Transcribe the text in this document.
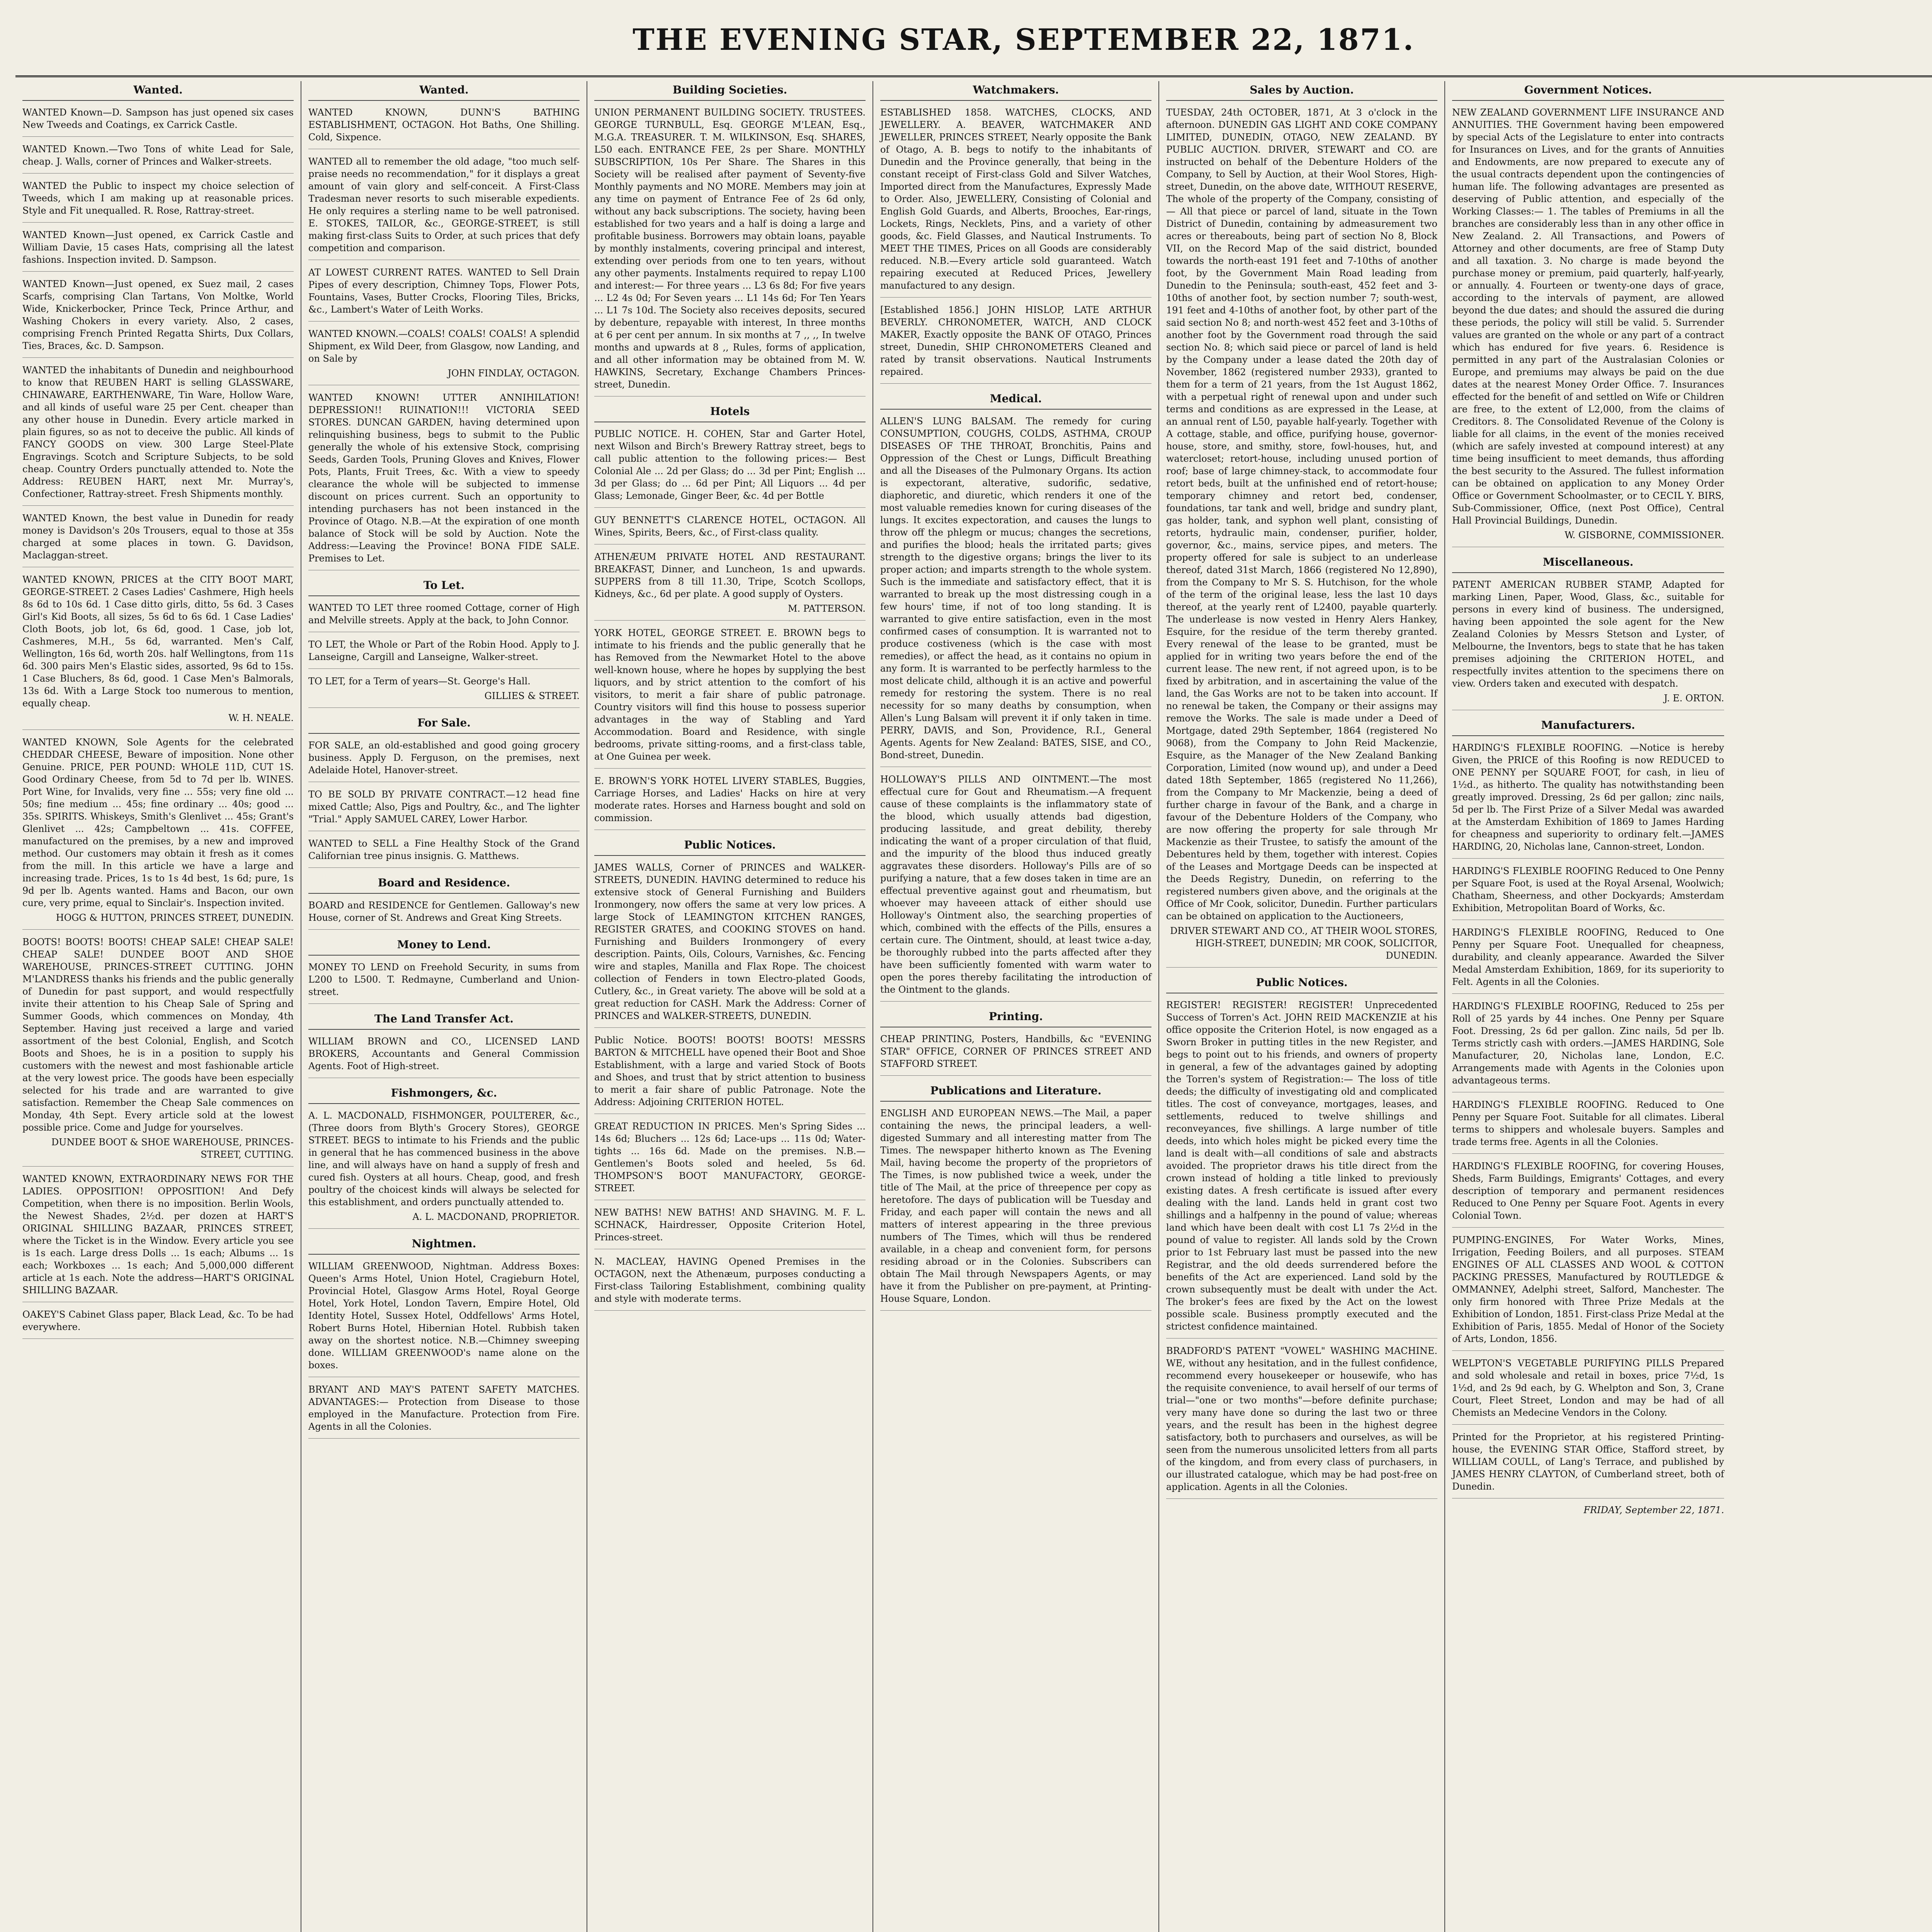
THE EVENING STAR, SEPTEMBER 22, 1871.
Wanted.
WANTED Known—D. Sampson has just opened six cases New Tweeds and Coatings, ex Carrick Castle.
WANTED Known.—Two Tons of white Lead for Sale, cheap. J. Walls, corner of Princes and Walker-streets.
WANTED the Public to inspect my choice selection of Tweeds, which I am making up at reasonable prices. Style and Fit unequalled. R. Rose, Rattray-street.
WANTED Known—Just opened, ex Carrick Castle and William Davie, 15 cases Hats, comprising all the latest fashions. Inspection invited. D. Sampson.
WANTED Known—Just opened, ex Suez mail, 2 cases Scarfs, comprising Clan Tartans, Von Moltke, World Wide, Knickerbocker, Prince Teck, Prince Arthur, and Washing Chokers in every variety. Also, 2 cases, comprising French Printed Regatta Shirts, Dux Collars, Ties, Braces, &c. D. Sampson.
WANTED the inhabitants of Dunedin and neighbourhood to know that REUBEN HART is selling GLASSWARE, CHINAWARE, EARTHENWARE, Tin Ware, Hollow Ware, and all kinds of useful ware 25 per Cent. cheaper than any other house in Dunedin. Every article marked in plain figures, so as not to deceive the public. All kinds of FANCY GOODS on view. 300 Large Steel-Plate Engravings. Scotch and Scripture Subjects, to be sold cheap. Country Orders punctually attended to. Note the Address: REUBEN HART, next Mr. Murray's, Confectioner, Rattray-street. Fresh Shipments monthly.
WANTED Known, the best value in Dunedin for ready money is Davidson's 20s Trousers, equal to those at 35s charged at some places in town. G. Davidson, Maclaggan-street.
WANTED KNOWN, PRICES at the CITY BOOT MART, GEORGE-STREET. 2 Cases Ladies' Cashmere, High heels 8s 6d to 10s 6d. 1 Case ditto girls, ditto, 5s 6d. 3 Cases Girl's Kid Boots, all sizes, 5s 6d to 6s 6d. 1 Case Ladies' Cloth Boots, job lot, 6s 6d, good. 1 Case, job lot, Cashmeres, M.H., 5s 6d, warranted. Men's Calf, Wellington, 16s 6d, worth 20s. half Wellingtons, from 11s 6d. 300 pairs Men's Elastic sides, assorted, 9s 6d to 15s. 1 Case Bluchers, 8s 6d, good. 1 Case Men's Balmorals, 13s 6d. With a Large Stock too numerous to mention, equally cheap.
W. H. NEALE.
WANTED KNOWN, Sole Agents for the celebrated CHEDDAR CHEESE, Beware of imposition. None other Genuine. PRICE, PER POUND: WHOLE 11D, CUT 1S. Good Ordinary Cheese, from 5d to 7d per lb. WINES. Port Wine, for Invalids, very fine ... 55s; very fine old ... 50s; fine medium ... 45s; fine ordinary ... 40s; good ... 35s. SPIRITS. Whiskeys, Smith's Glenlivet ... 45s; Grant's Glenlivet ... 42s; Campbeltown ... 41s. COFFEE, manufactured on the premises, by a new and improved method. Our customers may obtain it fresh as it comes from the mill. In this article we have a large and increasing trade. Prices, 1s to 1s 4d best, 1s 6d; pure, 1s 9d per lb. Agents wanted. Hams and Bacon, our own cure, very prime, equal to Sinclair's. Inspection invited.
HOGG & HUTTON, PRINCES STREET, DUNEDIN.
BOOTS! BOOTS! BOOTS! CHEAP SALE! CHEAP SALE! CHEAP SALE! DUNDEE BOOT AND SHOE WAREHOUSE, PRINCES-STREET CUTTING. JOHN M'LANDRESS thanks his friends and the public generally of Dunedin for past support, and would respectfully invite their attention to his Cheap Sale of Spring and Summer Goods, which commences on Monday, 4th September. Having just received a large and varied assortment of the best Colonial, English, and Scotch Boots and Shoes, he is in a position to supply his customers with the newest and most fashionable article at the very lowest price. The goods have been especially selected for his trade and are warranted to give satisfaction. Remember the Cheap Sale commences on Monday, 4th Sept. Every article sold at the lowest possible price. Come and Judge for yourselves.
DUNDEE BOOT & SHOE WAREHOUSE, PRINCES-STREET, CUTTING.
WANTED KNOWN, EXTRAORDINARY NEWS FOR THE LADIES. OPPOSITION! OPPOSITION! And Defy Competition, when there is no imposition. Berlin Wools, the Newest Shades, 2½d. per dozen at HART'S ORIGINAL SHILLING BAZAAR, PRINCES STREET, where the Ticket is in the Window. Every article you see is 1s each. Large dress Dolls ... 1s each; Albums ... 1s each; Workboxes ... 1s each; And 5,000,000 different article at 1s each. Note the address—HART'S ORIGINAL SHILLING BAZAAR.
OAKEY'S Cabinet Glass paper, Black Lead, &c. To be had everywhere.
Wanted.
WANTED KNOWN, DUNN'S BATHING ESTABLISHMENT, OCTAGON. Hot Baths, One Shilling. Cold, Sixpence.
WANTED all to remember the old adage, "too much self-praise needs no recommendation," for it displays a great amount of vain glory and self-conceit. A First-Class Tradesman never resorts to such miserable expedients. He only requires a sterling name to be well patronised. E. STOKES, TAILOR, &c., GEORGE-STREET, is still making first-class Suits to Order, at such prices that defy competition and comparison.
AT LOWEST CURRENT RATES. WANTED to Sell Drain Pipes of every description, Chimney Tops, Flower Pots, Fountains, Vases, Butter Crocks, Flooring Tiles, Bricks, &c., Lambert's Water of Leith Works.
WANTED KNOWN.—COALS! COALS! COALS! A splendid Shipment, ex Wild Deer, from Glasgow, now Landing, and on Sale by
JOHN FINDLAY, OCTAGON.
WANTED KNOWN! UTTER ANNIHILATION! DEPRESSION!! RUINATION!!! VICTORIA SEED STORES. DUNCAN GARDEN, having determined upon relinquishing business, begs to submit to the Public generally the whole of his extensive Stock, comprising Seeds, Garden Tools, Pruning Gloves and Knives, Flower Pots, Plants, Fruit Trees, &c. With a view to speedy clearance the whole will be subjected to immense discount on prices current. Such an opportunity to intending purchasers has not been instanced in the Province of Otago. N.B.—At the expiration of one month balance of Stock will be sold by Auction. Note the Address:—Leaving the Province! BONA FIDE SALE. Premises to Let.
To Let.
WANTED TO LET three roomed Cottage, corner of High and Melville streets. Apply at the back, to John Connor.
TO LET, the Whole or Part of the Robin Hood. Apply to J. Lanseigne, Cargill and Lanseigne, Walker-street.
TO LET, for a Term of years—St. George's Hall.
GILLIES & STREET.
For Sale.
FOR SALE, an old-established and good going grocery business. Apply D. Ferguson, on the premises, next Adelaide Hotel, Hanover-street.
TO BE SOLD BY PRIVATE CONTRACT.—12 head fine mixed Cattle; Also, Pigs and Poultry, &c., and The lighter "Trial." Apply SAMUEL CAREY, Lower Harbor.
WANTED to SELL a Fine Healthy Stock of the Grand Californian tree pinus insignis. G. Matthews.
Board and Residence.
BOARD and RESIDENCE for Gentlemen. Galloway's new House, corner of St. Andrews and Great King Streets.
Money to Lend.
MONEY TO LEND on Freehold Security, in sums from L200 to L500. T. Redmayne, Cumberland and Union-street.
The Land Transfer Act.
WILLIAM BROWN and CO., LICENSED LAND BROKERS, Accountants and General Commission Agents. Foot of High-street.
Fishmongers, &c.
A. L. MACDONALD, FISHMONGER, POULTERER, &c., (Three doors from Blyth's Grocery Stores), GEORGE STREET. BEGS to intimate to his Friends and the public in general that he has commenced business in the above line, and will always have on hand a supply of fresh and cured fish. Oysters at all hours. Cheap, good, and fresh poultry of the choicest kinds will always be selected for this establishment, and orders punctually attended to.
A. L. MACDONAND, PROPRIETOR.
Nightmen.
WILLIAM GREENWOOD, Nightman. Address Boxes: Queen's Arms Hotel, Union Hotel, Cragieburn Hotel, Provincial Hotel, Glasgow Arms Hotel, Royal George Hotel, York Hotel, London Tavern, Empire Hotel, Old Identity Hotel, Sussex Hotel, Oddfellows' Arms Hotel, Robert Burns Hotel, Hibernian Hotel. Rubbish taken away on the shortest notice. N.B.—Chimney sweeping done. WILLIAM GREENWOOD's name alone on the boxes.
BRYANT AND MAY'S PATENT SAFETY MATCHES. ADVANTAGES:— Protection from Disease to those employed in the Manufacture. Protection from Fire. Agents in all the Colonies.
Building Societies.
UNION PERMANENT BUILDING SOCIETY. TRUSTEES. GEORGE TURNBULL, Esq. GEORGE M'LEAN, Esq., M.G.A. TREASURER. T. M. WILKINSON, Esq. SHARES, L50 each. ENTRANCE FEE, 2s per Share. MONTHLY SUBSCRIPTION, 10s Per Share. The Shares in this Society will be realised after payment of Seventy-five Monthly payments and NO MORE. Members may join at any time on payment of Entrance Fee of 2s 6d only, without any back subscriptions. The society, having been established for two years and a half is doing a large and profitable business. Borrowers may obtain loans, payable by monthly instalments, covering principal and interest, extending over periods from one to ten years, without any other payments. Instalments required to repay L100 and interest:— For three years ... L3 6s 8d; For five years ... L2 4s 0d; For Seven years ... L1 14s 6d; For Ten Years ... L1 7s 10d. The Society also receives deposits, secured by debenture, repayable with interest, In three months at 6 per cent per annum. In six months at 7 ,, ,, In twelve months and upwards at 8 ,, Rules, forms of application, and all other information may be obtained from M. W. HAWKINS, Secretary, Exchange Chambers Princes-street, Dunedin.
Hotels
PUBLIC NOTICE. H. COHEN, Star and Garter Hotel, next Wilson and Birch's Brewery Rattray street, begs to call public attention to the following prices:— Best Colonial Ale ... 2d per Glass; do ... 3d per Pint; English ... 3d per Glass; do ... 6d per Pint; All Liquors ... 4d per Glass; Lemonade, Ginger Beer, &c. 4d per Bottle
GUY BENNETT'S CLARENCE HOTEL, OCTAGON. All Wines, Spirits, Beers, &c., of First-class quality.
ATHENÆUM PRIVATE HOTEL AND RESTAURANT. BREAKFAST, Dinner, and Luncheon, 1s and upwards. SUPPERS from 8 till 11.30, Tripe, Scotch Scollops, Kidneys, &c., 6d per plate. A good supply of Oysters.
M. PATTERSON.
YORK HOTEL, GEORGE STREET. E. BROWN begs to intimate to his friends and the public generally that he has Removed from the Newmarket Hotel to the above well-known house, where he hopes by supplying the best liquors, and by strict attention to the comfort of his visitors, to merit a fair share of public patronage. Country visitors will find this house to possess superior advantages in the way of Stabling and Yard Accommodation. Board and Residence, with single bedrooms, private sitting-rooms, and a first-class table, at One Guinea per week.
E. BROWN'S YORK HOTEL LIVERY STABLES, Buggies, Carriage Horses, and Ladies' Hacks on hire at very moderate rates. Horses and Harness bought and sold on commission.
Public Notices.
JAMES WALLS, Corner of PRINCES and WALKER-STREETS, DUNEDIN. HAVING determined to reduce his extensive stock of General Furnishing and Builders Ironmongery, now offers the same at very low prices. A large Stock of LEAMINGTON KITCHEN RANGES, REGISTER GRATES, and COOKING STOVES on hand. Furnishing and Builders Ironmongery of every description. Paints, Oils, Colours, Varnishes, &c. Fencing wire and staples, Manilla and Flax Rope. The choicest collection of Fenders in town Electro-plated Goods, Cutlery, &c., in Great variety. The above will be sold at a great reduction for CASH. Mark the Address: Corner of PRINCES and WALKER-STREETS, DUNEDIN.
Public Notice. BOOTS! BOOTS! BOOTS! MESSRS BARTON & MITCHELL have opened their Boot and Shoe Establishment, with a large and varied Stock of Boots and Shoes, and trust that by strict attention to business to merit a fair share of public Patronage. Note the Address: Adjoining CRITERION HOTEL.
GREAT REDUCTION IN PRICES. Men's Spring Sides ... 14s 6d; Bluchers ... 12s 6d; Lace-ups ... 11s 0d; Water-tights ... 16s 6d. Made on the premises. N.B.—Gentlemen's Boots soled and heeled, 5s 6d. THOMPSON'S BOOT MANUFACTORY, GEORGE-STREET.
NEW BATHS! NEW BATHS! AND SHAVING. M. F. L. SCHNACK, Hairdresser, Opposite Criterion Hotel, Princes-street.
N. MACLEAY, HAVING Opened Premises in the OCTAGON, next the Athenæum, purposes conducting a First-class Tailoring Establishment, combining quality and style with moderate terms.
Watchmakers.
ESTABLISHED 1858. WATCHES, CLOCKS, AND JEWELLERY. A. BEAVER, WATCHMAKER AND JEWELLER, PRINCES STREET, Nearly opposite the Bank of Otago, A. B. begs to notify to the inhabitants of Dunedin and the Province generally, that being in the constant receipt of First-class Gold and Silver Watches, Imported direct from the Manufactures, Expressly Made to Order. Also, JEWELLERY, Consisting of Colonial and English Gold Guards, and Alberts, Brooches, Ear-rings, Lockets, Rings, Necklets, Pins, and a variety of other goods, &c. Field Glasses, and Nautical Instruments. To MEET THE TIMES, Prices on all Goods are considerably reduced. N.B.—Every article sold guaranteed. Watch repairing executed at Reduced Prices, Jewellery manufactured to any design.
[Established 1856.] JOHN HISLOP, LATE ARTHUR BEVERLY. CHRONOMETER, WATCH, AND CLOCK MAKER, Exactly opposite the BANK OF OTAGO, Princes street, Dunedin, SHIP CHRONOMETERS Cleaned and rated by transit observations. Nautical Instruments repaired.
Medical.
ALLEN'S LUNG BALSAM. The remedy for curing CONSUMPTION, COUGHS, COLDS, ASTHMA, CROUP DISEASES OF THE THROAT, Bronchitis, Pains and Oppression of the Chest or Lungs, Difficult Breathing and all the Diseases of the Pulmonary Organs. Its action is expectorant, alterative, sudorific, sedative, diaphoretic, and diuretic, which renders it one of the most valuable remedies known for curing diseases of the lungs. It excites expectoration, and causes the lungs to throw off the phlegm or mucus; changes the secretions, and purifies the blood; heals the irritated parts; gives strength to the digestive organs; brings the liver to its proper action; and imparts strength to the whole system. Such is the immediate and satisfactory effect, that it is warranted to break up the most distressing cough in a few hours' time, if not of too long standing. It is warranted to give entire satisfaction, even in the most confirmed cases of consumption. It is warranted not to produce costiveness (which is the case with most remedies), or affect the head, as it contains no opium in any form. It is warranted to be perfectly harmless to the most delicate child, although it is an active and powerful remedy for restoring the system. There is no real necessity for so many deaths by consumption, when Allen's Lung Balsam will prevent it if only taken in time. PERRY, DAVIS, and Son, Providence, R.I., General Agents. Agents for New Zealand: BATES, SISE, and CO., Bond-street, Dunedin.
HOLLOWAY'S PILLS AND OINTMENT.—The most effectual cure for Gout and Rheumatism.—A frequent cause of these complaints is the inflammatory state of the blood, which usually attends bad digestion, producing lassitude, and great debility, thereby indicating the want of a proper circulation of that fluid, and the impurity of the blood thus induced greatly aggravates these disorders. Holloway's Pills are of so purifying a nature, that a few doses taken in time are an effectual preventive against gout and rheumatism, but whoever may haveeen attack of either should use Holloway's Ointment also, the searching properties of which, combined with the effects of the Pills, ensures a certain cure. The Ointment, should, at least twice a-day, be thoroughly rubbed into the parts affected after they have been sufficiently fomented with warm water to open the pores thereby facilitating the introduction of the Ointment to the glands.
Printing.
CHEAP PRINTING, Posters, Handbills, &c "EVENING STAR" OFFICE, CORNER OF PRINCES STREET AND STAFFORD STREET.
Publications and Literature.
ENGLISH AND EUROPEAN NEWS.—The Mail, a paper containing the news, the principal leaders, a well-digested Summary and all interesting matter from The Times. The newspaper hitherto known as The Evening Mail, having become the property of the proprietors of The Times, is now published twice a week, under the title of The Mail, at the price of threepence per copy as heretofore. The days of publication will be Tuesday and Friday, and each paper will contain the news and all matters of interest appearing in the three previous numbers of The Times, which will thus be rendered available, in a cheap and convenient form, for persons residing abroad or in the Colonies. Subscribers can obtain The Mail through Newspapers Agents, or may have it from the Publisher on pre-payment, at Printing-House Square, London.
Sales by Auction.
TUESDAY, 24th OCTOBER, 1871, At 3 o'clock in the afternoon. DUNEDIN GAS LIGHT AND COKE COMPANY LIMITED, DUNEDIN, OTAGO, NEW ZEALAND. BY PUBLIC AUCTION. DRIVER, STEWART and CO. are instructed on behalf of the Debenture Holders of the Company, to Sell by Auction, at their Wool Stores, High-street, Dunedin, on the above date, WITHOUT RESERVE, The whole of the property of the Company, consisting of— All that piece or parcel of land, situate in the Town District of Dunedin, containing by admeasurement two acres or thereabouts, being part of section No 8, Block VII, on the Record Map of the said district, bounded towards the north-east 191 feet and 7-10ths of another foot, by the Government Main Road leading from Dunedin to the Peninsula; south-east, 452 feet and 3-10ths of another foot, by section number 7; south-west, 191 feet and 4-10ths of another foot, by other part of the said section No 8; and north-west 452 feet and 3-10ths of another foot by the Government road through the said section No. 8; which said piece or parcel of land is held by the Company under a lease dated the 20th day of November, 1862 (registered number 2933), granted to them for a term of 21 years, from the 1st August 1862, with a perpetual right of renewal upon and under such terms and conditions as are expressed in the Lease, at an annual rent of L50, payable half-yearly. Together with A cottage, stable, and office, purifying house, governor-house, store, and smithy, store, fowl-houses, hut, and watercloset; retort-house, including unused portion of roof; base of large chimney-stack, to accommodate four retort beds, built at the unfinished end of retort-house; temporary chimney and retort bed, condenser, foundations, tar tank and well, bridge and sundry plant, gas holder, tank, and syphon well plant, consisting of retorts, hydraulic main, condenser, purifier, holder, governor, &c., mains, service pipes, and meters. The property offered for sale is subject to an underlease thereof, dated 31st March, 1866 (registered No 12,890), from the Company to Mr S. S. Hutchison, for the whole of the term of the original lease, less the last 10 days thereof, at the yearly rent of L2400, payable quarterly. The underlease is now vested in Henry Alers Hankey, Esquire, for the residue of the term thereby granted. Every renewal of the lease to be granted, must be applied for in writing two years before the end of the current lease. The new rent, if not agreed upon, is to be fixed by arbitration, and in ascertaining the value of the land, the Gas Works are not to be taken into account. If no renewal be taken, the Company or their assigns may remove the Works. The sale is made under a Deed of Mortgage, dated 29th September, 1864 (registered No 9068), from the Company to John Reid Mackenzie, Esquire, as the Manager of the New Zealand Banking Corporation, Limited (now wound up), and under a Deed dated 18th September, 1865 (registered No 11,266), from the Company to Mr Mackenzie, being a deed of further charge in favour of the Bank, and a charge in favour of the Debenture Holders of the Company, who are now offering the property for sale through Mr Mackenzie as their Trustee, to satisfy the amount of the Debentures held by them, together with interest. Copies of the Leases and Mortgage Deeds can be inspected at the Deeds Registry, Dunedin, on referring to the registered numbers given above, and the originals at the Office of Mr Cook, solicitor, Dunedin. Further particulars can be obtained on application to the Auctioneers,
DRIVER STEWART AND CO., AT THEIR WOOL STORES, HIGH-STREET, DUNEDIN; MR COOK, SOLICITOR, DUNEDIN.
Public Notices.
REGISTER! REGISTER! REGISTER! Unprecedented Success of Torren's Act. JOHN REID MACKENZIE at his office opposite the Criterion Hotel, is now engaged as a Sworn Broker in putting titles in the new Register, and begs to point out to his friends, and owners of property in general, a few of the advantages gained by adopting the Torren's system of Registration:— The loss of title deeds; the difficulty of investigating old and complicated titles. The cost of conveyance, mortgages, leases, and settlements, reduced to twelve shillings and reconveyances, five shillings. A large number of title deeds, into which holes might be picked every time the land is dealt with—all conditions of sale and abstracts avoided. The proprietor draws his title direct from the crown instead of holding a title linked to previously existing dates. A fresh certificate is issued after every dealing with the land. Lands held in grant cost two shillings and a halfpenny in the pound of value; whereas land which have been dealt with cost L1 7s 2½d in the pound of value to register. All lands sold by the Crown prior to 1st February last must be passed into the new Registrar, and the old deeds surrendered before the benefits of the Act are experienced. Land sold by the crown subsequently must be dealt with under the Act. The broker's fees are fixed by the Act on the lowest possible scale. Business promptly executed and the strictest confidence maintained.
BRADFORD'S PATENT "VOWEL" WASHING MACHINE. WE, without any hesitation, and in the fullest confidence, recommend every housekeeper or housewife, who has the requisite convenience, to avail herself of our terms of trial—"one or two months"—before definite purchase; very many have done so during the last two or three years, and the result has been in the highest degree satisfactory, both to purchasers and ourselves, as will be seen from the numerous unsolicited letters from all parts of the kingdom, and from every class of purchasers, in our illustrated catalogue, which may be had post-free on application. Agents in all the Colonies.
Government Notices.
NEW ZEALAND GOVERNMENT LIFE INSURANCE AND ANNUITIES. THE Government having been empowered by special Acts of the Legislature to enter into contracts for Insurances on Lives, and for the grants of Annuities and Endowments, are now prepared to execute any of the usual contracts dependent upon the contingencies of human life. The following advantages are presented as deserving of Public attention, and especially of the Working Classes:— 1. The tables of Premiums in all the branches are considerably less than in any other office in New Zealand. 2. All Transactions, and Powers of Attorney and other documents, are free of Stamp Duty and all taxation. 3. No charge is made beyond the purchase money or premium, paid quarterly, half-yearly, or annually. 4. Fourteen or twenty-one days of grace, according to the intervals of payment, are allowed beyond the due dates; and should the assured die during these periods, the policy will still be valid. 5. Surrender values are granted on the whole or any part of a contract which has endured for five years. 6. Residence is permitted in any part of the Australasian Colonies or Europe, and premiums may always be paid on the due dates at the nearest Money Order Office. 7. Insurances effected for the benefit of and settled on Wife or Children are free, to the extent of L2,000, from the claims of Creditors. 8. The Consolidated Revenue of the Colony is liable for all claims, in the event of the monies received (which are safely invested at compound interest) at any time being insufficient to meet demands, thus affording the best security to the Assured. The fullest information can be obtained on application to any Money Order Office or Government Schoolmaster, or to CECIL Y. BIRS, Sub-Commissioner, Office, (next Post Office), Central Hall Provincial Buildings, Dunedin.
W. GISBORNE, COMMISSIONER.
Miscellaneous.
PATENT AMERICAN RUBBER STAMP, Adapted for marking Linen, Paper, Wood, Glass, &c., suitable for persons in every kind of business. The undersigned, having been appointed the sole agent for the New Zealand Colonies by Messrs Stetson and Lyster, of Melbourne, the Inventors, begs to state that he has taken premises adjoining the CRITERION HOTEL, and respectfully invites attention to the specimens there on view. Orders taken and executed with despatch.
J. E. ORTON.
Manufacturers.
HARDING'S FLEXIBLE ROOFING. —Notice is hereby Given, the PRICE of this Roofing is now REDUCED to ONE PENNY per SQUARE FOOT, for cash, in lieu of 1½d., as hitherto. The quality has notwithstanding been greatly improved. Dressing, 2s 6d per gallon; zinc nails, 5d per lb. The First Prize of a Silver Medal was awarded at the Amsterdam Exhibition of 1869 to James Harding for cheapness and superiority to ordinary felt.—JAMES HARDING, 20, Nicholas lane, Cannon-street, London.
HARDING'S FLEXIBLE ROOFING Reduced to One Penny per Square Foot, is used at the Royal Arsenal, Woolwich; Chatham, Sheerness, and other Dockyards; Amsterdam Exhibition, Metropolitan Board of Works, &c.
HARDING'S FLEXIBLE ROOFING, Reduced to One Penny per Square Foot. Unequalled for cheapness, durability, and cleanly appearance. Awarded the Silver Medal Amsterdam Exhibition, 1869, for its superiority to Felt. Agents in all the Colonies.
HARDING'S FLEXIBLE ROOFING, Reduced to 25s per Roll of 25 yards by 44 inches. One Penny per Square Foot. Dressing, 2s 6d per gallon. Zinc nails, 5d per lb. Terms strictly cash with orders.—JAMES HARDING, Sole Manufacturer, 20, Nicholas lane, London, E.C. Arrangements made with Agents in the Colonies upon advantageous terms.
HARDING'S FLEXIBLE ROOFING. Reduced to One Penny per Square Foot. Suitable for all climates. Liberal terms to shippers and wholesale buyers. Samples and trade terms free. Agents in all the Colonies.
HARDING'S FLEXIBLE ROOFING, for covering Houses, Sheds, Farm Buildings, Emigrants' Cottages, and every description of temporary and permanent residences Reduced to One Penny per Square Foot. Agents in every Colonial Town.
PUMPING-ENGINES, For Water Works, Mines, Irrigation, Feeding Boilers, and all purposes. STEAM ENGINES OF ALL CLASSES AND WOOL & COTTON PACKING PRESSES, Manufactured by ROUTLEDGE & OMMANNEY, Adelphi street, Salford, Manchester. The only firm honored with Three Prize Medals at the Exhibition of London, 1851. First-class Prize Medal at the Exhibition of Paris, 1855. Medal of Honor of the Society of Arts, London, 1856.
WELPTON'S VEGETABLE PURIFYING PILLS Prepared and sold wholesale and retail in boxes, price 7½d, 1s 1½d, and 2s 9d each, by G. Whelpton and Son, 3, Crane Court, Fleet Street, London and may be had of all Chemists an Medecine Vendors in the Colony.
Printed for the Proprietor, at his registered Printing-house, the EVENING STAR Office, Stafford street, by WILLIAM COULL, of Lang's Terrace, and published by JAMES HENRY CLAYTON, of Cumberland street, both of Dunedin.
FRIDAY, September 22, 1871.
